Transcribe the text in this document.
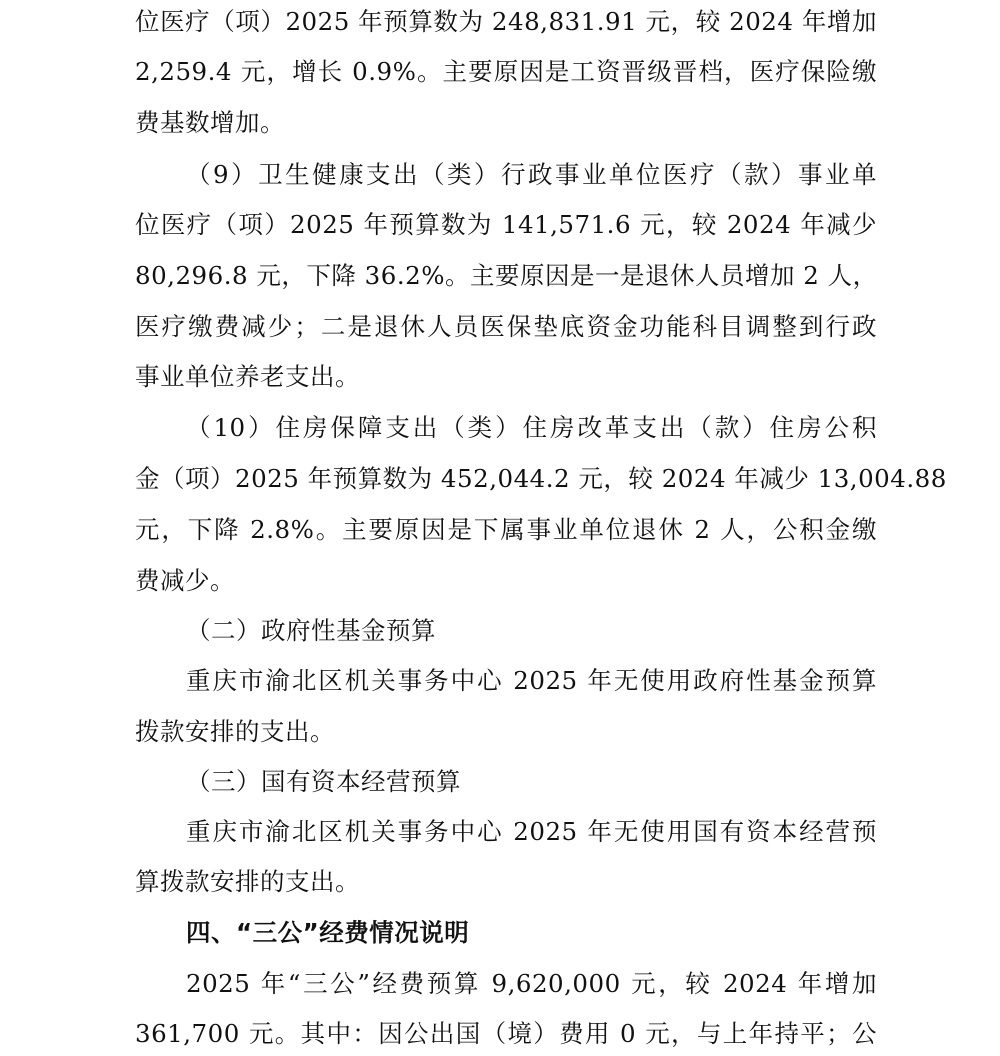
位医疗（项）2025 年预算数为 248,831.91 元，较 2024 年增加
2,259.4 元，增长 0.9%。主要原因是工资晋级晋档，医疗保险缴
费基数增加。
（9）卫生健康支出（类）行政事业单位医疗（款）事业单
位医疗（项）2025 年预算数为 141,571.6 元，较 2024 年减少
80,296.8 元，下降 36.2%。主要原因是一是退休人员增加 2 人，
医疗缴费减少；二是退休人员医保垫底资金功能科目调整到行政
事业单位养老支出。
（10）住房保障支出（类）住房改革支出（款）住房公积
金（项）2025 年预算数为 452,044.2 元，较 2024 年减少 13,004.88
元，下降 2.8%。主要原因是下属事业单位退休 2 人，公积金缴
费减少。
（二）政府性基金预算
重庆市渝北区机关事务中心 2025 年无使用政府性基金预算
拨款安排的支出。
（三）国有资本经营预算
重庆市渝北区机关事务中心 2025 年无使用国有资本经营预
算拨款安排的支出。
四、“三公”经费情况说明
2025 年“三公”经费预算 9,620,000 元，较 2024 年增加
361,700 元。其中：因公出国（境）费用 0 元，与上年持平；公
